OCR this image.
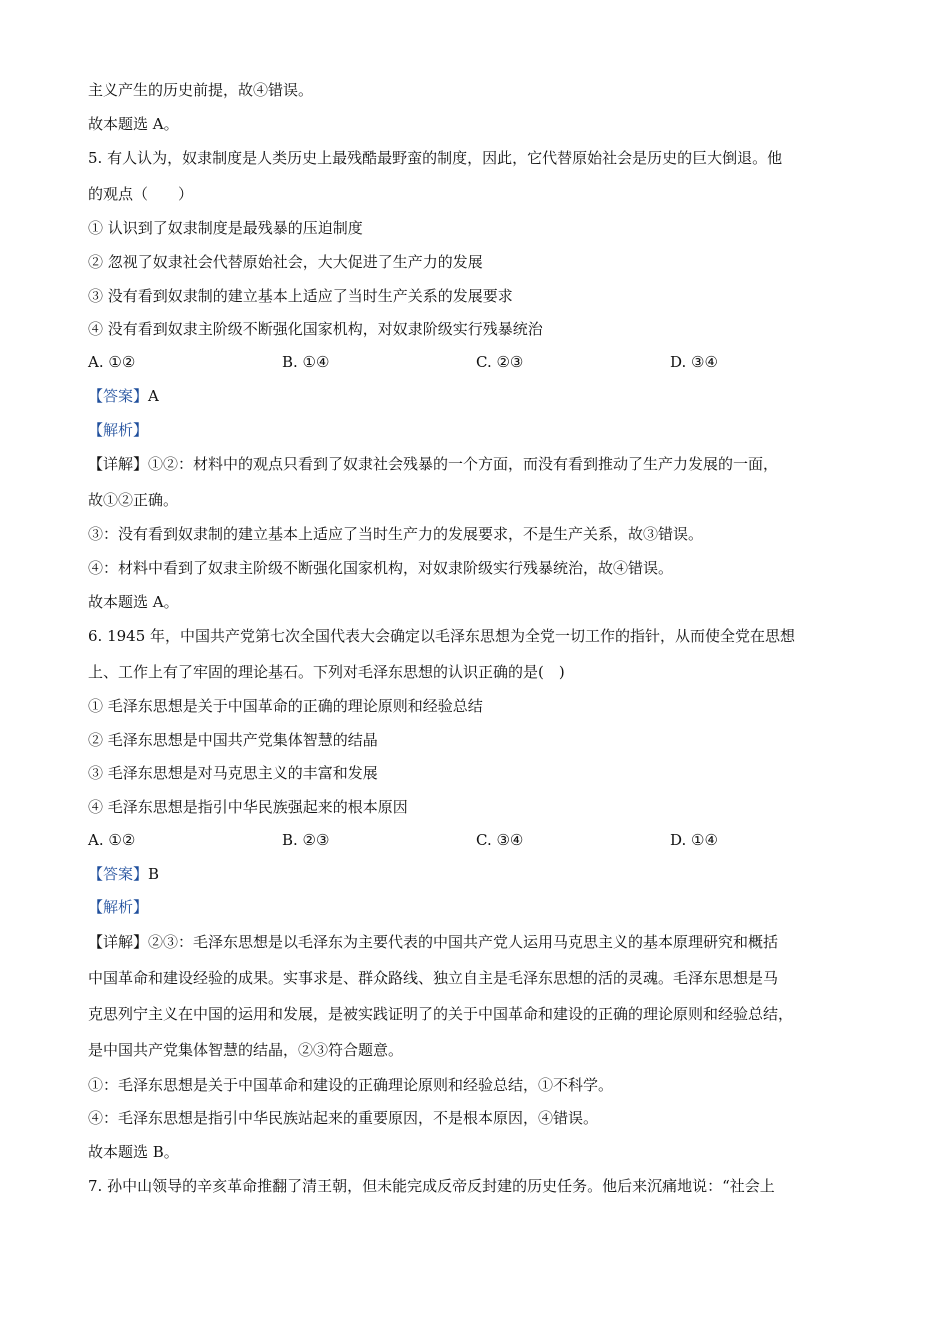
主义产生的历史前提，故④错误。
故本题选 A。
5. 有人认为，奴隶制度是人类历史上最残酷最野蛮的制度，因此，它代替原始社会是历史的巨大倒退。他
的观点（　　）
① 认识到了奴隶制度是最残暴的压迫制度
② 忽视了奴隶社会代替原始社会，大大促进了生产力的发展
③ 没有看到奴隶制的建立基本上适应了当时生产关系的发展要求
④ 没有看到奴隶主阶级不断强化国家机构，对奴隶阶级实行残暴统治
A. ①②	B. ①④	C. ②③	D. ③④
【答案】A
【解析】
【详解】①②：材料中的观点只看到了奴隶社会残暴的一个方面，而没有看到推动了生产力发展的一面，
故①②正确。
③：没有看到奴隶制的建立基本上适应了当时生产力的发展要求，不是生产关系，故③错误。
④：材料中看到了奴隶主阶级不断强化国家机构，对奴隶阶级实行残暴统治，故④错误。
故本题选 A。
6. 1945 年，中国共产党第七次全国代表大会确定以毛泽东思想为全党一切工作的指针，从而使全党在思想
上、工作上有了牢固的理论基石。下列对毛泽东思想的认识正确的是(　)
① 毛泽东思想是关于中国革命的正确的理论原则和经验总结
② 毛泽东思想是中国共产党集体智慧的结晶
③ 毛泽东思想是对马克思主义的丰富和发展
④ 毛泽东思想是指引中华民族强起来的根本原因
A. ①②	B. ②③	C. ③④	D. ①④
【答案】B
【解析】
【详解】②③：毛泽东思想是以毛泽东为主要代表的中国共产党人运用马克思主义的基本原理研究和概括
中国革命和建设经验的成果。实事求是、群众路线、独立自主是毛泽东思想的活的灵魂。毛泽东思想是马
克思列宁主义在中国的运用和发展，是被实践证明了的关于中国革命和建设的正确的理论原则和经验总结，
是中国共产党集体智慧的结晶，②③符合题意。
①：毛泽东思想是关于中国革命和建设的正确理论原则和经验总结，①不科学。
④：毛泽东思想是指引中华民族站起来的重要原因，不是根本原因，④错误。
故本题选 B。
7. 孙中山领导的辛亥革命推翻了清王朝，但未能完成反帝反封建的历史任务。他后来沉痛地说：“社会上
